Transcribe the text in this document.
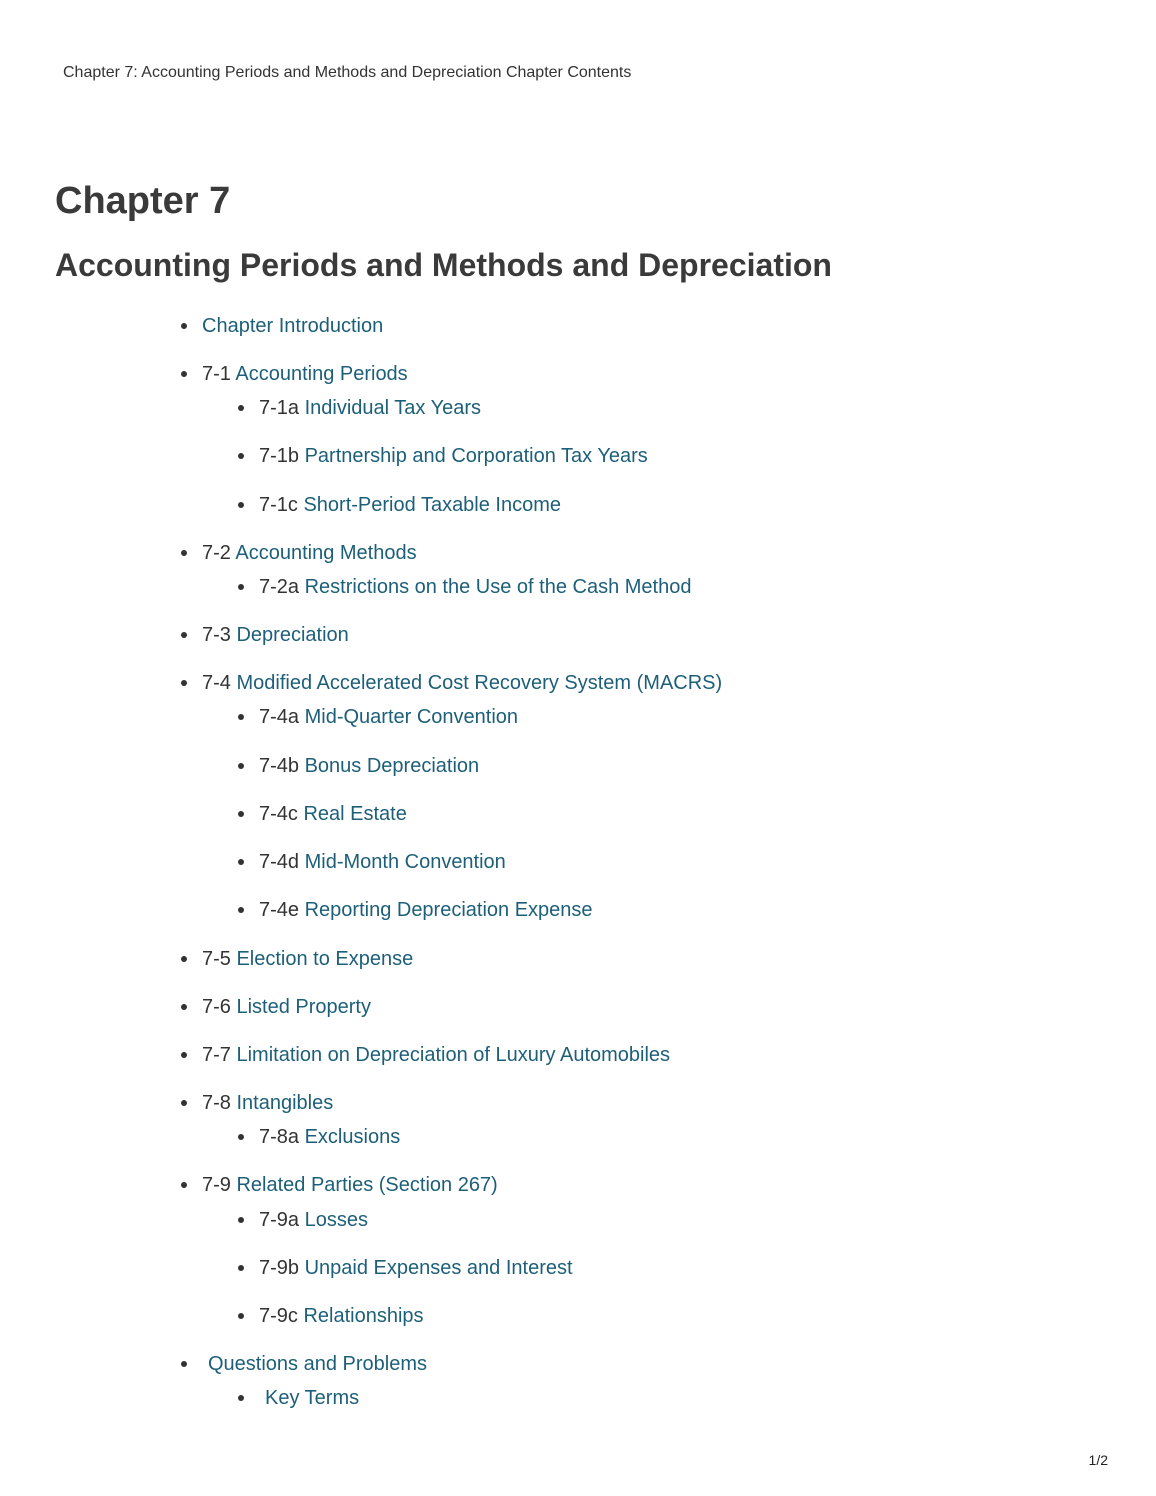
Chapter 7: Accounting Periods and Methods and Depreciation Chapter Contents
Chapter 7
Accounting Periods and Methods and Depreciation
Chapter Introduction
7-1 Accounting Periods
7-1a Individual Tax Years
7-1b Partnership and Corporation Tax Years
7-1c Short-Period Taxable Income
7-2 Accounting Methods
7-2a Restrictions on the Use of the Cash Method
7-3 Depreciation
7-4 Modified Accelerated Cost Recovery System (MACRS)
7-4a Mid-Quarter Convention
7-4b Bonus Depreciation
7-4c Real Estate
7-4d Mid-Month Convention
7-4e Reporting Depreciation Expense
7-5 Election to Expense
7-6 Listed Property
7-7 Limitation on Depreciation of Luxury Automobiles
7-8 Intangibles
7-8a Exclusions
7-9 Related Parties (Section 267)
7-9a Losses
7-9b Unpaid Expenses and Interest
7-9c Relationships
Questions and Problems
Key Terms
1/2
